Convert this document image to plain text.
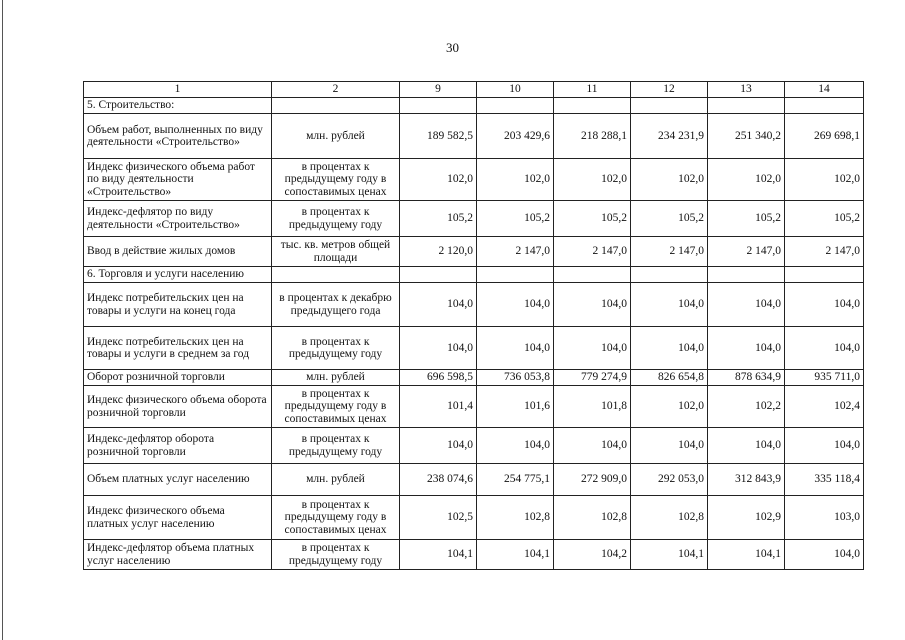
30
1	2	9	10	11	12	13	14
5. Строительство:							
Объем работ, выполненных по виду деятельности «Строительство»	млн. рублей	189 582,5	203 429,6	218 288,1	234 231,9	251 340,2	269 698,1
Индекс физического объема работ по виду деятельности «Строительство»	в процентах к предыдущему году в сопоставимых ценах	102,0	102,0	102,0	102,0	102,0	102,0
Индекс-дефлятор по виду деятельности «Строительство»	в процентах к предыдущему году	105,2	105,2	105,2	105,2	105,2	105,2
Ввод в действие жилых домов	тыс. кв. метров общей площади	2 120,0	2 147,0	2 147,0	2 147,0	2 147,0	2 147,0
6. Торговля и услуги населению							
Индекс потребительских цен на товары и услуги на конец года	в процентах к декабрю предыдущего года	104,0	104,0	104,0	104,0	104,0	104,0
Индекс потребительских цен на товары и услуги в среднем за год	в процентах к предыдущему году	104,0	104,0	104,0	104,0	104,0	104,0
Оборот розничной торговли	млн. рублей	696 598,5	736 053,8	779 274,9	826 654,8	878 634,9	935 711,0
Индекс физического объема оборота розничной торговли	в процентах к предыдущему году в сопоставимых ценах	101,4	101,6	101,8	102,0	102,2	102,4
Индекс-дефлятор оборота розничной торговли	в процентах к предыдущему году	104,0	104,0	104,0	104,0	104,0	104,0
Объем платных услуг населению	млн. рублей	238 074,6	254 775,1	272 909,0	292 053,0	312 843,9	335 118,4
Индекс физического объема платных услуг населению	в процентах к предыдущему году в сопоставимых ценах	102,5	102,8	102,8	102,8	102,9	103,0
Индекс-дефлятор объема платных услуг населению	в процентах к предыдущему году	104,1	104,1	104,2	104,1	104,1	104,0
